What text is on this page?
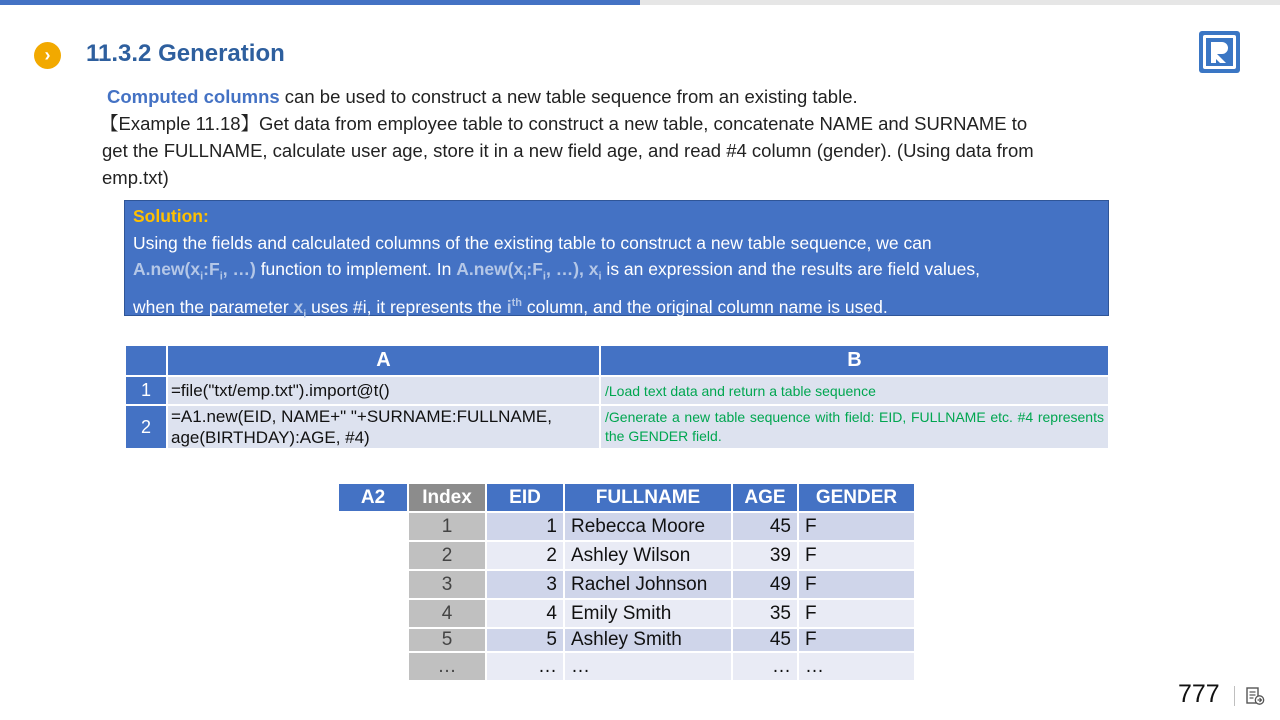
›	11.3.2 Generation
Computed columns can be used to construct a new table sequence from an existing table.
【Example 11.18】Get data from employee table to construct a new table, concatenate NAME and SURNAME to
get the FULLNAME, calculate user age, store it in a new field age, and read #4 column (gender). (Using data from
emp.txt)
Solution:
Using the fields and calculated columns of the existing table to construct a new table sequence, we can
$A.new(x_i:F_i$, …) function to implement. In $A.new(x_i:F_i$, …), $x_i$ is an expression and the results are field values,
when the parameter $x_i$ uses #i, it represents the $i^{th}$ column, and the original column name is used.
	A	B
1	=file("txt/emp.txt").import@t()	/Load text data and return a table sequence
2	=A1.new(EID, NAME+" "+SURNAME:FULLNAME,
age(BIRTHDAY):AGE, #4)	/Generate a new table sequence with field: EID, FULLNAME etc. #4 represents the GENDER field.
A2	Index	EID	FULLNAME	AGE	GENDER
	1	1	Rebecca Moore	45	F
	2	2	Ashley Wilson	39	F
	3	3	Rachel Johnson	49	F
	4	4	Emily Smith	35	F
	5	5	Ashley Smith	45	F
	…	…	…	…	…
777
